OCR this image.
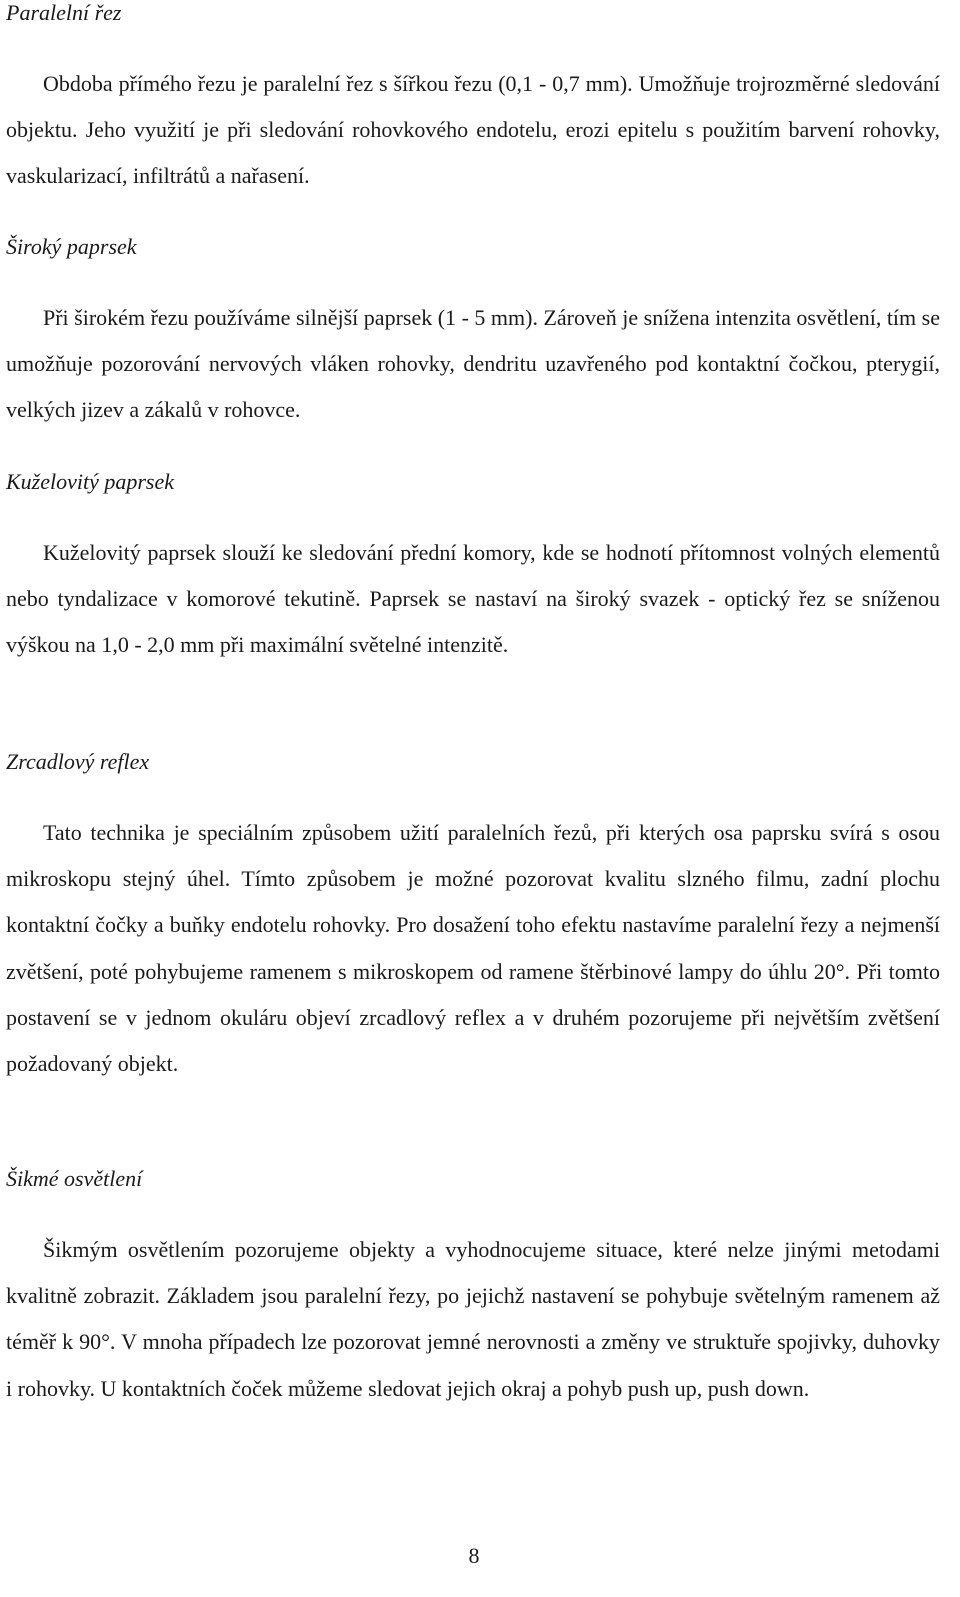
Paralelní řez

Obdoba přímého řezu je paralelní řez s šířkou řezu (0,1 - 0,7 mm). Umožňuje trojrozměrné sledování objektu. Jeho využití je při sledování rohovkového endotelu, erozi epitelu s použitím barvení rohovky, vaskularizací, infiltrátů a nařasení.

Široký paprsek

Při širokém řezu používáme silnější paprsek (1 - 5 mm). Zároveň je snížena intenzita osvětlení, tím se umožňuje pozorování nervových vláken rohovky, dendritu uzavřeného pod kontaktní čočkou, pterygií, velkých jizev a zákalů v rohovce.

Kuželovitý paprsek

Kuželovitý paprsek slouží ke sledování přední komory, kde se hodnotí přítomnost volných elementů nebo tyndalizace v komorové tekutině. Paprsek se nastaví na široký svazek - optický řez se sníženou výškou na 1,0 - 2,0 mm při maximální světelné intenzitě.

Zrcadlový reflex

Tato technika je speciálním způsobem užití paralelních řezů, při kterých osa paprsku svírá s osou mikroskopu stejný úhel. Tímto způsobem je možné pozorovat kvalitu slzného filmu, zadní plochu kontaktní čočky a buňky endotelu rohovky. Pro dosažení toho efektu nastavíme paralelní řezy a nejmenší zvětšení, poté pohybujeme ramenem s mikroskopem od ramene štěrbinové lampy do úhlu 20°. Při tomto postavení se v jednom okuláru objeví zrcadlový reflex a v druhém pozorujeme při největším zvětšení požadovaný objekt.

Šikmé osvětlení

Šikmým osvětlením pozorujeme objekty a vyhodnocujeme situace, které nelze jinými metodami kvalitně zobrazit. Základem jsou paralelní řezy, po jejichž nastavení se pohybuje světelným ramenem až téměř k 90°. V mnoha případech lze pozorovat jemné nerovnosti a změny ve struktuře spojivky, duhovky i rohovky. U kontaktních čoček můžeme sledovat jejich okraj a pohyb push up, push down.

8
